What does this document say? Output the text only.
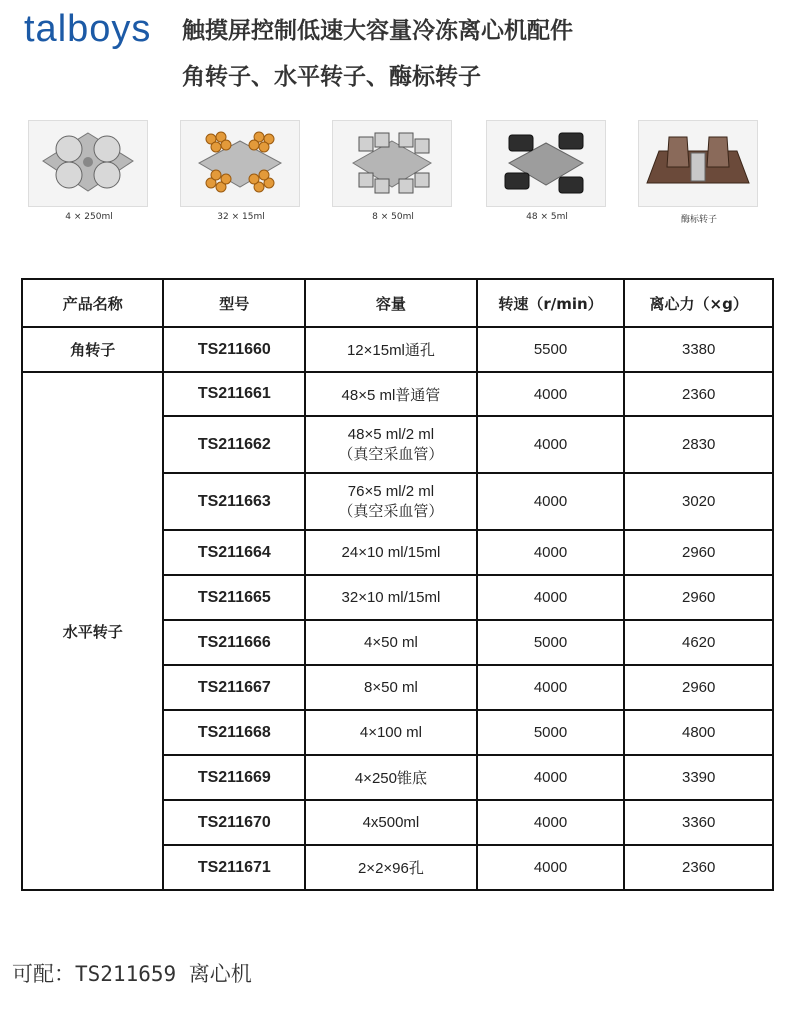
talboys 触摸屏控制低速大容量冷冻离心机配件
角转子、水平转子、酶标转子
4 × 250ml	32 × 15ml	8 × 50ml	48 × 5ml	酶标转子
产品名称	型号	容量	转速（r/min）	离心力（×g）
角转子	TS211660	12×15ml通孔	5500	3380
水平转子	TS211661	48×5 ml普通管	4000	2360
	TS211662	48×5 ml/2 ml
（真空采血管）	4000	2830
	TS211663	76×5 ml/2 ml
（真空采血管）	4000	3020
	TS211664	24×10 ml/15ml	4000	2960
	TS211665	32×10 ml/15ml	4000	2960
	TS211666	4×50 ml	5000	4620
	TS211667	8×50 ml	4000	2960
	TS211668	4×100 ml	5000	4800
	TS211669	4×250锥底	4000	3390
	TS211670	4x500ml	4000	3360
	TS211671	2×2×96孔	4000	2360
可配：TS211659 离心机
